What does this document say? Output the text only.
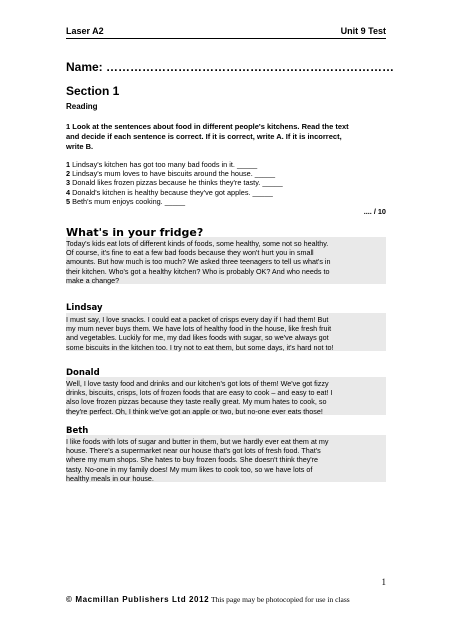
Laser A2	Unit 9 Test
Name: ………………………………………………………………
Section 1
Reading
1 Look at the sentences about food in different people's kitchens. Read the text
and decide if each sentence is correct. If it is correct, write A. If it is incorrect,
write B.
1 Lindsay's kitchen has got too many bad foods in it. _____
2 Lindsay's mum loves to have biscuits around the house. _____
3 Donald likes frozen pizzas because he thinks they're tasty. _____
4 Donald's kitchen is healthy because they've got apples. _____
5 Beth's mum enjoys cooking. _____
.... / 10
What's in your fridge?
Today's kids eat lots of different kinds of foods, some healthy, some not so healthy.
Of course, it's fine to eat a few bad foods because they won't hurt you in small
amounts. But how much is too much? We asked three teenagers to tell us what's in
their kitchen. Who's got a healthy kitchen? Who is probably OK? And who needs to
make a change?
Lindsay
I must say, I love snacks. I could eat a packet of crisps every day if I had them! But
my mum never buys them. We have lots of healthy food in the house, like fresh fruit
and vegetables. Luckily for me, my dad likes foods with sugar, so we've always got
some biscuits in the kitchen too. I try not to eat them, but some days, it's hard not to!
Donald
Well, I love tasty food and drinks and our kitchen's got lots of them! We've got fizzy
drinks, biscuits, crisps, lots of frozen foods that are easy to cook – and easy to eat! I
also love frozen pizzas because they taste really great. My mum hates to cook, so
they're perfect. Oh, I think we've got an apple or two, but no-one ever eats those!
Beth
I like foods with lots of sugar and butter in them, but we hardly ever eat them at my
house. There's a supermarket near our house that's got lots of fresh food. That's
where my mum shops. She hates to buy frozen foods. She doesn't think they're
tasty. No-one in my family does! My mum likes to cook too, so we have lots of
healthy meals in our house.
1
© Macmillan Publishers Ltd 2012 This page may be photocopied for use in class
